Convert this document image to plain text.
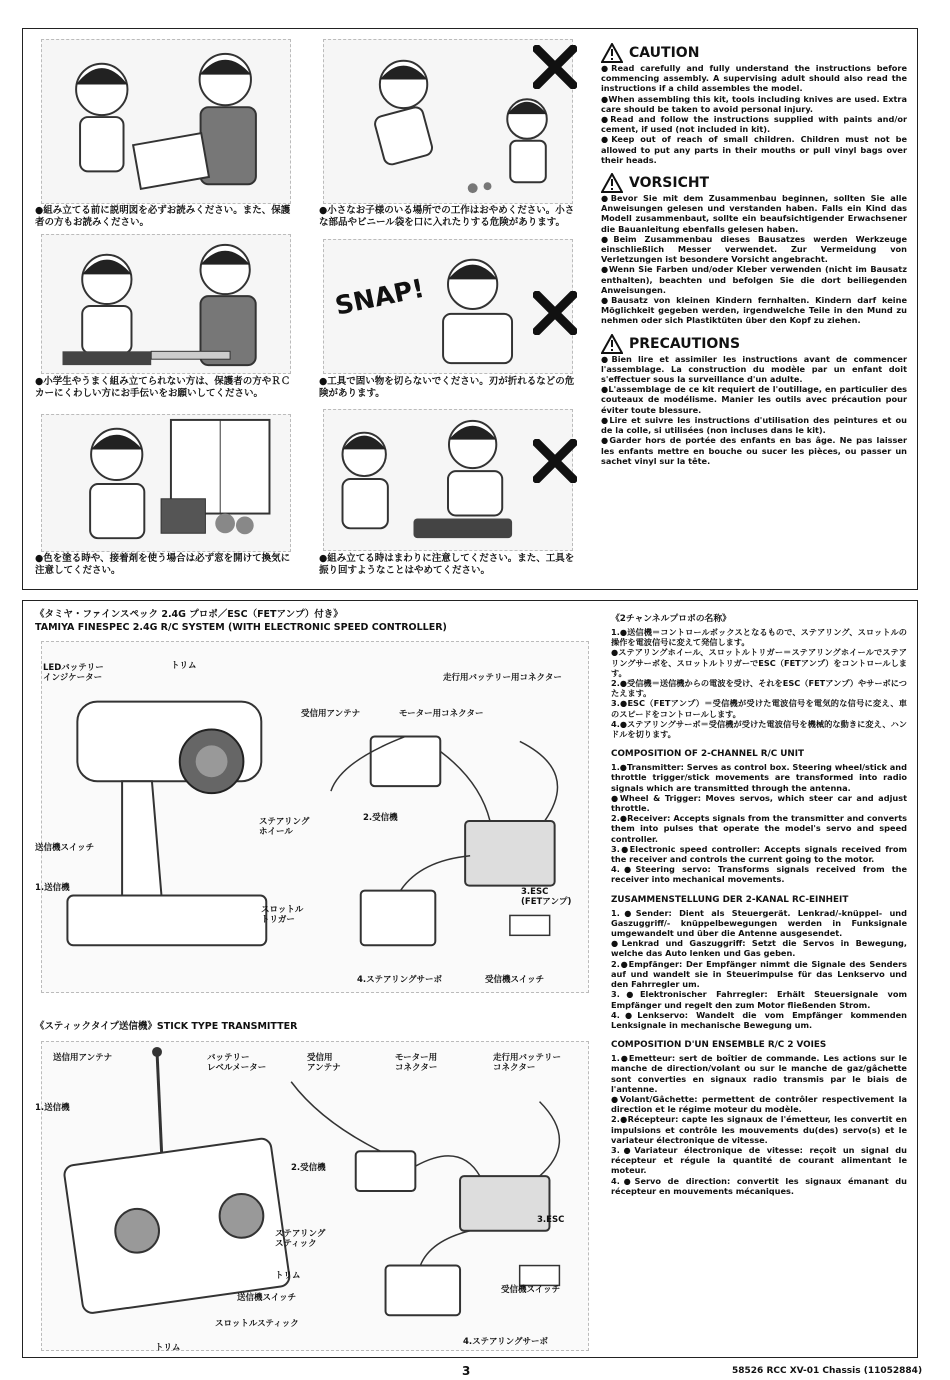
●組み立てる前に説明図を必ずお読みください。また、保護者の方もお読みください。
●小学生やうまく組み立てられない方は、保護者の方やＲＣカーにくわしい方にお手伝いをお願いしてください。
●色を塗る時や、接着剤を使う場合は必ず窓を開けて換気に注意してください。
●小さなお子様のいる場所での工作はおやめください。小さな部品やビニール袋を口に入れたりする危険があります。
SNAP!
●工具で固い物を切らないでください。刃が折れるなどの危険があります。
●組み立てる時はまわりに注意してください。また、工具を振り回すようなことはやめてください。
CAUTION

●Read carefully and fully understand the instructions before commencing assembly. A supervising adult should also read the instructions if a child assembles the model.

●When assembling this kit, tools including knives are used. Extra care should be taken to avoid personal injury.

●Read and follow the instructions supplied with paints and/or cement, if used (not included in kit).

●Keep out of reach of small children. Children must not be allowed to put any parts in their mouths or pull vinyl bags over their heads.

VORSICHT

●Bevor Sie mit dem Zusammenbau beginnen, sollten Sie alle Anweisungen gelesen und verstanden haben. Falls ein Kind das Modell zusammenbaut, sollte ein beaufsichtigender Erwachsener die Bauanleitung ebenfalls gelesen haben.

●Beim Zusammenbau dieses Bausatzes werden Werkzeuge einschließlich Messer verwendet. Zur Vermeidung von Verletzungen ist besondere Vorsicht angebracht.

●Wenn Sie Farben und/oder Kleber verwenden (nicht im Bausatz enthalten), beachten und befolgen Sie die dort beiliegenden Anweisungen.

●Bausatz von kleinen Kindern fernhalten. Kindern darf keine Möglichkeit gegeben werden, irgendwelche Teile in den Mund zu nehmen oder sich Plastiktüten über den Kopf zu ziehen.

PRECAUTIONS

●Bien lire et assimiler les instructions avant de commencer l'assemblage. La construction du modèle par un enfant doit s'effectuer sous la surveillance d'un adulte.

●L'assemblage de ce kit requiert de l'outillage, en particulier des couteaux de modélisme. Manier les outils avec précaution pour éviter toute blessure.

●Lire et suivre les instructions d'utilisation des peintures et ou de la colle, si utilisées (non incluses dans le kit).

●Garder hors de portée des enfants en bas âge. Ne pas laisser les enfants mettre en bouche ou sucer les pièces, ou passer un sachet vinyl sur la tête.

《タミヤ・ファインスペック 2.4G プロポ／ESC（FETアンプ）付き》
TAMIYA FINESPEC 2.4G R/C SYSTEM (WITH ELECTRONIC SPEED CONTROLLER)
LEDバッテリー
インジケーター
トリム
受信用アンテナ	モーター用コネクター
走行用バッテリー用コネクター
ステアリング
ホイール
2.受信機
送信機スイッチ
1.送信機	3.ESC
(FETアンプ)
スロットル
トリガー
4.ステアリングサーボ	受信機スイッチ
《スティックタイプ送信機》STICK TYPE TRANSMITTER
送信用アンテナ	バッテリー
レベルメーター
受信用
アンテナ
モーター用
コネクター
走行用バッテリー
コネクター
1.送信機
2.受信機
3.ESC
ステアリング
スティック
トリム
送信機スイッチ
受信機スイッチ
スロットルスティック
4.ステアリングサーボ
トリム
《2チャンネルプロポの名称》
1.●送信機＝コントロールボックスとなるもので、ステアリング、スロットルの操作を電波信号に変えて発信します。
●ステアリングホイール、スロットルトリガー＝ステアリングホイールでステアリングサーボを、スロットルトリガーでESC（FETアンプ）をコントロールします。
2.●受信機＝送信機からの電波を受け、それをESC（FETアンプ）やサーボにつたえます。
3.●ESC（FETアンプ）＝受信機が受けた電波信号を電気的な信号に変え、車のスピードをコントロールします。
4.●ステアリングサーボ＝受信機が受けた電波信号を機械的な動きに変え、ハンドルを切ります。
COMPOSITION OF 2-CHANNEL R/C UNIT
1.●Transmitter: Serves as control box. Steering wheel/stick and throttle trigger/stick movements are transformed into radio signals which are transmitted through the antenna.
●Wheel & Trigger: Moves servos, which steer car and adjust throttle.
2.●Receiver: Accepts signals from the transmitter and converts them into pulses that operate the model's servo and speed controller.
3.●Electronic speed controller: Accepts signals received from the receiver and controls the current going to the motor.
4.●Steering servo: Transforms signals received from the receiver into mechanical movements.
ZUSAMMENSTELLUNG DER 2-KANAL RC-EINHEIT
1.●Sender: Dient als Steuergerät. Lenkrad/-knüppel- und Gaszuggriff/- knüppelbewegungen werden in Funksignale umgewandelt und über die Antenne ausgesendet.
●Lenkrad und Gaszuggriff: Setzt die Servos in Bewegung, welche das Auto lenken und Gas geben.
2.●Empfänger: Der Empfänger nimmt die Signale des Senders auf und wandelt sie in Steuerimpulse für das Lenkservo und den Fahrregler um.
3.●Elektronischer Fahrregler: Erhält Steuersignale vom Empfänger und regelt den zum Motor fließenden Strom.
4.●Lenkservo: Wandelt die vom Empfänger kommenden Lenksignale in mechanische Bewegung um.
COMPOSITION D'UN ENSEMBLE R/C 2 VOIES
1.●Emetteur: sert de boîtier de commande. Les actions sur le manche de direction/volant ou sur le manche de gaz/gâchette sont converties en signaux radio transmis par le biais de l'antenne.
●Volant/Gâchette: permettent de contrôler respectivement la direction et le régime moteur du modèle.
2.●Récepteur: capte les signaux de l'émetteur, les convertit en impulsions et contrôle les mouvements du(des) servo(s) et le variateur électronique de vitesse.
3.●Variateur électronique de vitesse: reçoit un signal du récepteur et régule la quantité de courant alimentant le moteur.
4.●Servo de direction: convertit les signaux émanant du récepteur en mouvements mécaniques.
3	58526 RCC XV-01 Chassis (11052884)
